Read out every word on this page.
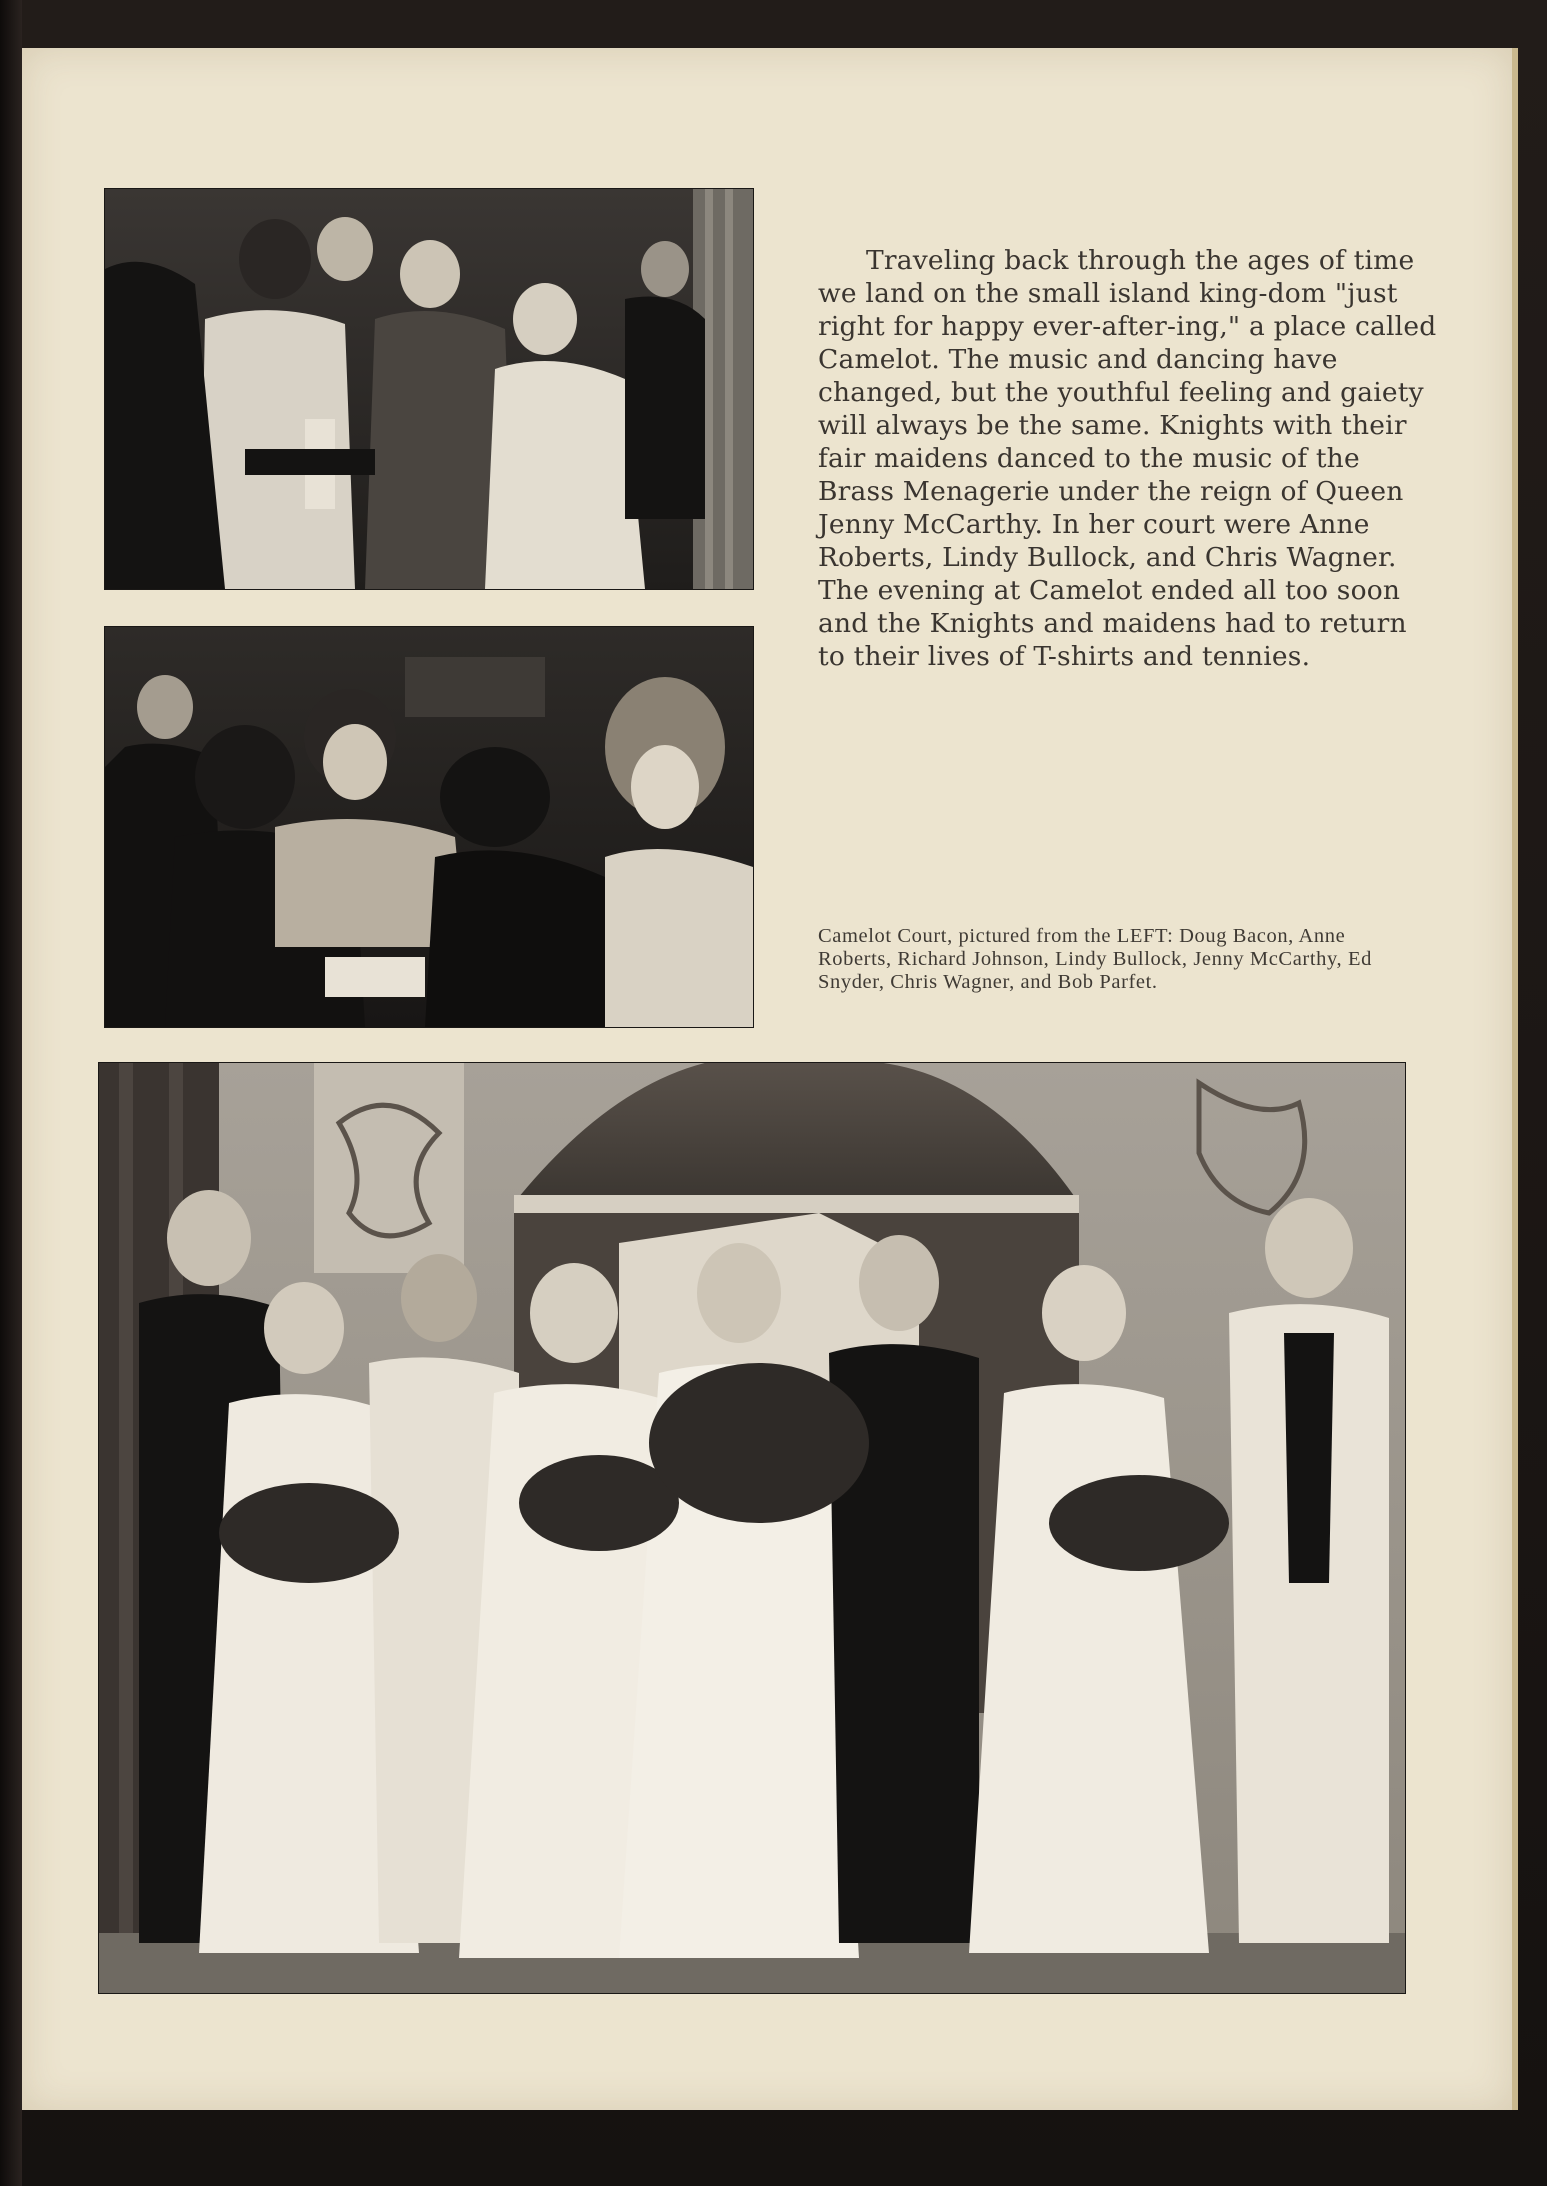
Traveling back through the ages of time we land on the small island king-dom "just right for happy ever-after-ing," a place called Camelot. The music and dancing have changed, but the youthful feeling and gaiety will always be the same. Knights with their fair maidens danced to the music of the Brass Menagerie under the reign of Queen Jenny McCarthy. In her court were Anne Roberts, Lindy Bullock, and Chris Wagner. The evening at Camelot ended all too soon and the Knights and maidens had to return to their lives of T-shirts and tennies.

Camelot Court, pictured from the LEFT: Doug Bacon, Anne Roberts, Richard Johnson, Lindy Bullock, Jenny McCarthy, Ed Snyder, Chris Wagner, and Bob Parfet.
